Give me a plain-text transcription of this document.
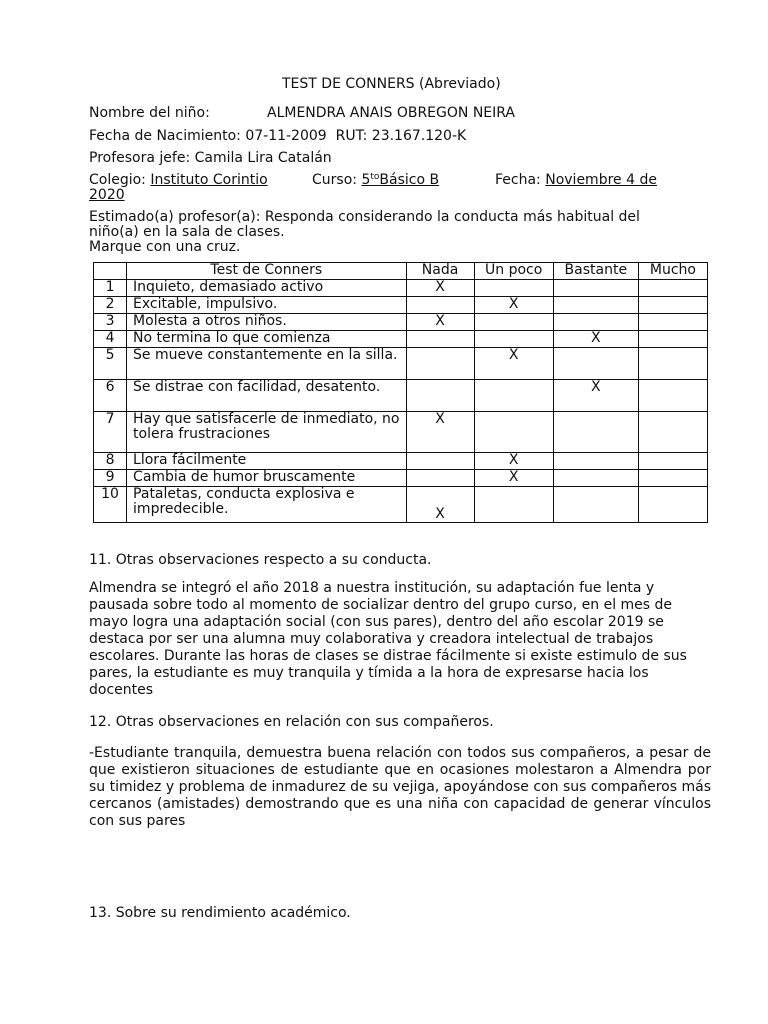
TEST DE CONNERS (Abreviado)
Nombre del niño:	ALMENDRA ANAIS OBREGON NEIRA
Fecha de Nacimiento: 07-11-2009 RUT: 23.167.120-K
Profesora jefe: Camila Lira Catalán
Colegio: Instituto Corintio	Curso: $5^{to}Básico$ B	Fecha: Noviembre 4 de
2020
Estimado(a) profesor(a): Responda considerando la conducta más habitual del
niño(a) en la sala de clases.
Marque con una cruz.
	Test de Conners	Nada	Un poco	Bastante	Mucho
1	Inquieto, demasiado activo	X			
2	Excitable, impulsivo.		X		
3	Molesta a otros niños.	X			
4	No termina lo que comienza			X	
5	Se mueve constantemente en la silla.		X		
6	Se distrae con facilidad, desatento.			X	
7	Hay que satisfacerle de inmediato, no tolera frustraciones	X			
8	Llora fácilmente		X		
9	Cambia de humor bruscamente		X		
10	Pataletas, conducta explosiva e impredecible.	X			
11. Otras observaciones respecto a su conducta.
Almendra se integró el año 2018 a nuestra institución, su adaptación fue lenta y pausada sobre todo al momento de socializar dentro del grupo curso, en el mes de mayo logra una adaptación social (con sus pares), dentro del año escolar 2019 se destaca por ser una alumna muy colaborativa y creadora intelectual de trabajos escolares. Durante las horas de clases se distrae fácilmente si existe estimulo de sus pares, la estudiante es muy tranquila y tímida a la hora de expresarse hacia los docentes
12. Otras observaciones en relación con sus compañeros.
-Estudiante tranquila, demuestra buena relación con todos sus compañeros, a pesar de que existieron situaciones de estudiante que en ocasiones molestaron a Almendra por su timidez y problema de inmadurez de su vejiga, apoyándose con sus compañeros más cercanos (amistades) demostrando que es una niña con capacidad de generar vínculos con sus pares
13. Sobre su rendimiento académico.
